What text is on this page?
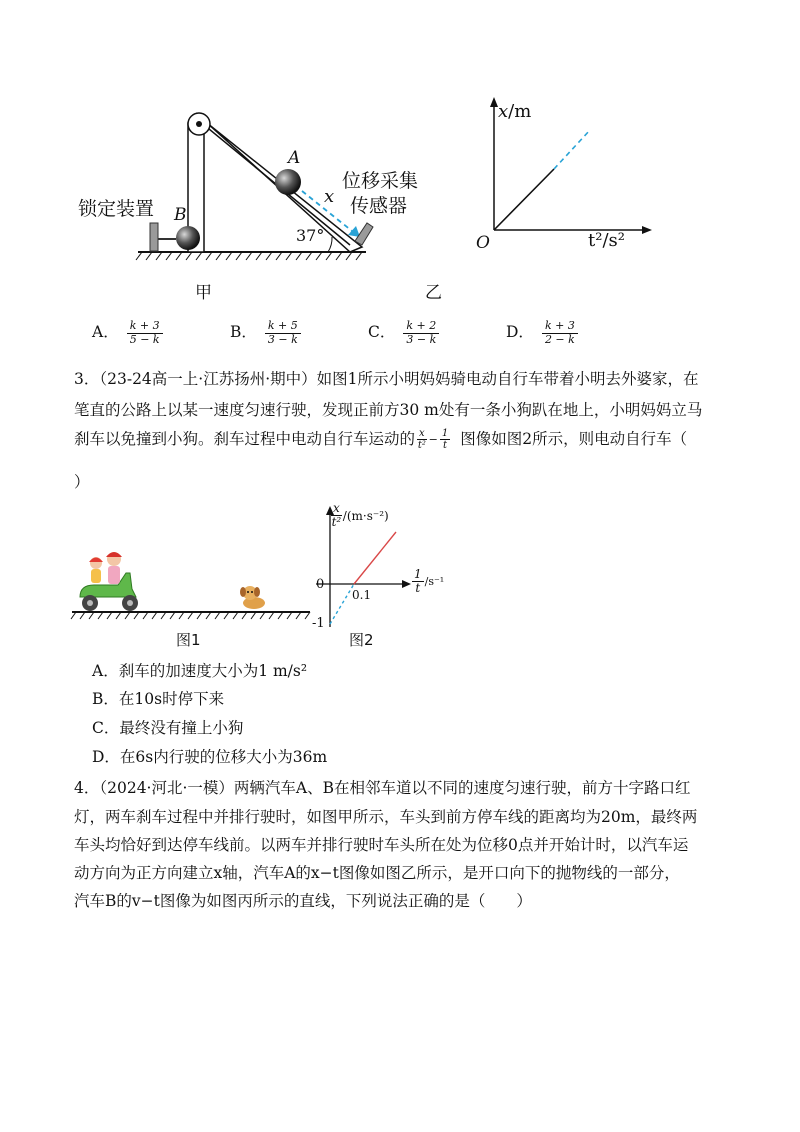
锁定装置 B
A
x
位移采集
传感器
37°
甲
x/m
t²/s²
O
乙
A． $\frac{k + 3}{5 - k}$	B． $\frac{k + 5}{3 - k}$	C． $\frac{k + 2}{3 - k}$	D． $\frac{k + 3}{2 - k}$
3．（23-24高一上·江苏扬州·期中）如图1所示小明妈妈骑电动自行车带着小明去外婆家，在
笔直的公路上以某一速度匀速行驶，发现正前方30 m处有一条小狗趴在地上，小明妈妈立马
刹车以免撞到小狗。刹车过程中电动自行车运动的 $\frac{x}{\text{t²}} - \frac{1}{t}$ 图像如图2所示，则电动自行车（
）
图1
$\frac{x}{\text{t²}} /(m\cdot s^{-2})$
$\frac{1}{t} /s^{-1}$
0
0.1
-1
图2
A．刹车的加速度大小为1 m/s²
B．在10s时停下来
C．最终没有撞上小狗
D．在6s内行驶的位移大小为36m
4．（2024·河北·一模）两辆汽车A、B在相邻车道以不同的速度匀速行驶，前方十字路口红
灯，两车刹车过程中并排行驶时，如图甲所示，车头到前方停车线的距离均为20m，最终两
车头均恰好到达停车线前。以两车并排行驶时车头所在处为位移0点并开始计时，以汽车运
动方向为正方向建立x轴，汽车A的x−t图像如图乙所示，是开口向下的抛物线的一部分，
汽车B的v−t图像为如图丙所示的直线，下列说法正确的是（　　）
